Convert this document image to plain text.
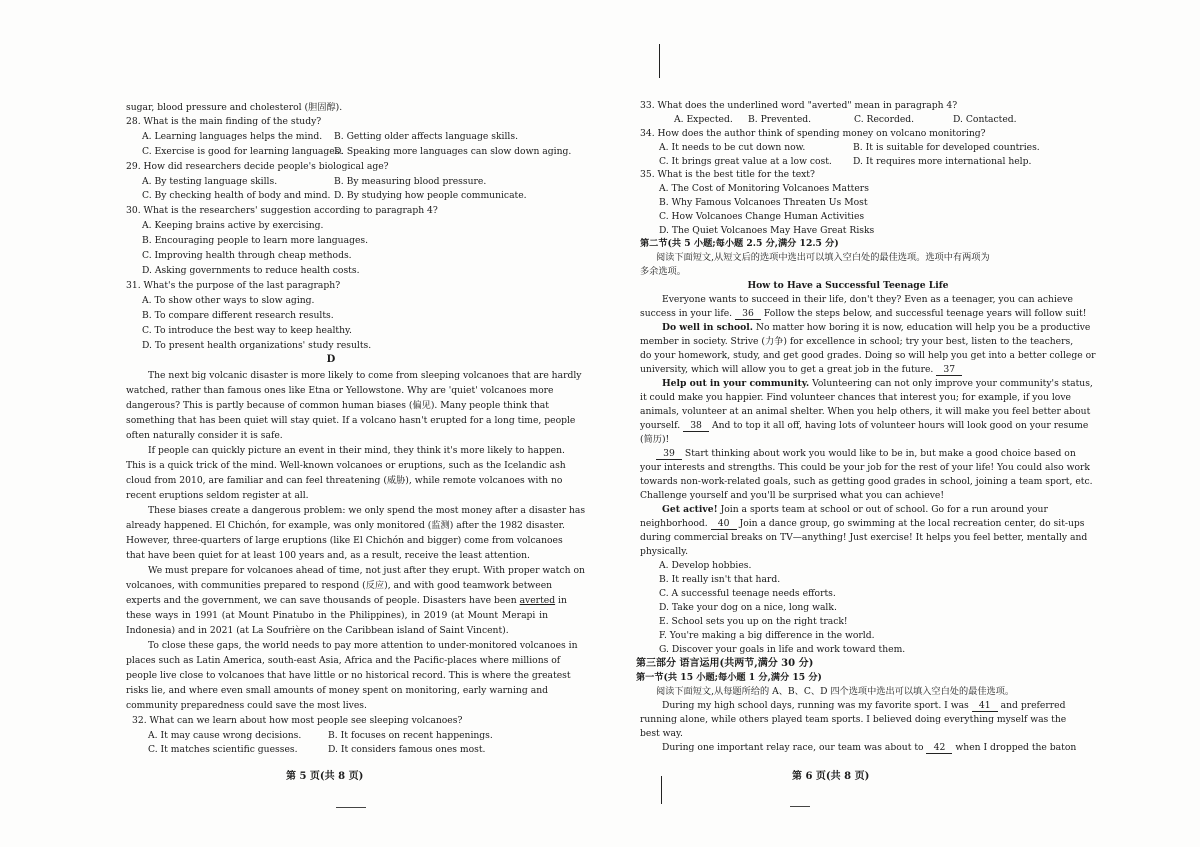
sugar, blood pressure and cholesterol (胆固醇).
28. What is the main finding of the study?
A. Learning languages helps the mind. B. Getting older affects language skills.
C. Exercise is good for learning languages.
D. Speaking more languages can slow down aging.
29. How did researchers decide people's biological age?
A. By testing language skills.	B. By measuring blood pressure.
C. By checking health of body and mind. D. By studying how people communicate.
30. What is the researchers' suggestion according to paragraph 4?
A. Keeping brains active by exercising.
B. Encouraging people to learn more languages.
C. Improving health through cheap methods.
D. Asking governments to reduce health costs.
31. What's the purpose of the last paragraph?
A. To show other ways to slow aging.
B. To compare different research results.
C. To introduce the best way to keep healthy.
D. To present health organizations' study results.
D
The next big volcanic disaster is more likely to come from sleeping volcanoes that are hardly
watched, rather than famous ones like Etna or Yellowstone. Why are 'quiet' volcanoes more
dangerous? This is partly because of common human biases (偏见). Many people think that
something that has been quiet will stay quiet. If a volcano hasn't erupted for a long time, people
often naturally consider it is safe.
If people can quickly picture an event in their mind, they think it's more likely to happen.
This is a quick trick of the mind. Well-known volcanoes or eruptions, such as the Icelandic ash
cloud from 2010, are familiar and can feel threatening (威胁), while remote volcanoes with no
recent eruptions seldom register at all.
These biases create a dangerous problem: we only spend the most money after a disaster has
already happened. El Chichón, for example, was only monitored (监测) after the 1982 disaster.
However, three-quarters of large eruptions (like El Chichón and bigger) come from volcanoes
that have been quiet for at least 100 years and, as a result, receive the least attention.
We must prepare for volcanoes ahead of time, not just after they erupt. With proper watch on
volcanoes, with communities prepared to respond (反应), and with good teamwork between
experts and the government, we can save thousands of people. Disasters have been averted in
these ways in 1991 (at Mount Pinatubo in the Philippines), in 2019 (at Mount Merapi in
Indonesia) and in 2021 (at La Soufrière on the Caribbean island of Saint Vincent).
To close these gaps, the world needs to pay more attention to under-monitored volcanoes in
places such as Latin America, south-east Asia, Africa and the Pacific-places where millions of
people live close to volcanoes that have little or no historical record. This is where the greatest
risks lie, and where even small amounts of money spent on monitoring, early warning and
community preparedness could save the most lives.
32. What can we learn about how most people see sleeping volcanoes?
A. It may cause wrong decisions.	B. It focuses on recent happenings.
C. It matches scientific guesses.	D. It considers famous ones most.
第 5 页(共 8 页)
33. What does the underlined word "averted" mean in paragraph 4?
A. Expected. B. Prevented.	C. Recorded.	D. Contacted.
34. How does the author think of spending money on volcano monitoring?
A. It needs to be cut down now.	B. It is suitable for developed countries.
C. It brings great value at a low cost. D. It requires more international help.
35. What is the best title for the text?
A. The Cost of Monitoring Volcanoes Matters
B. Why Famous Volcanoes Threaten Us Most
C. How Volcanoes Change Human Activities
D. The Quiet Volcanoes May Have Great Risks
第二节(共 5 小题;每小题 2.5 分,满分 12.5 分)
阅读下面短文,从短文后的选项中选出可以填入空白处的最佳选项。选项中有两项为
多余选项。
How to Have a Successful Teenage Life
Everyone wants to succeed in their life, don't they? Even as a teenager, you can achieve
success in your life. 36 Follow the steps below, and successful teenage years will follow suit!
Do well in school. No matter how boring it is now, education will help you be a productive
member in society. Strive (力争) for excellence in school; try your best, listen to the teachers,
do your homework, study, and get good grades. Doing so will help you get into a better college or
university, which will allow you to get a great job in the future. 37
Help out in your community. Volunteering can not only improve your community's status,
it could make you happier. Find volunteer chances that interest you; for example, if you love
animals, volunteer at an animal shelter. When you help others, it will make you feel better about
yourself. 38 And to top it all off, having lots of volunteer hours will look good on your resume
(简历)!
39 Start thinking about work you would like to be in, but make a good choice based on
your interests and strengths. This could be your job for the rest of your life! You could also work
towards non-work-related goals, such as getting good grades in school, joining a team sport, etc.
Challenge yourself and you'll be surprised what you can achieve!
Get active! Join a sports team at school or out of school. Go for a run around your
neighborhood. 40 Join a dance group, go swimming at the local recreation center, do sit-ups
during commercial breaks on TV—anything! Just exercise! It helps you feel better, mentally and
physically.
A. Develop hobbies.
B. It really isn't that hard.
C. A successful teenage needs efforts.
D. Take your dog on a nice, long walk.
E. School sets you up on the right track!
F. You're making a big difference in the world.
G. Discover your goals in life and work toward them.
第三部分 语言运用(共两节,满分 30 分)
第一节(共 15 小题;每小题 1 分,满分 15 分)
阅读下面短文,从每题所给的 A、B、C、D 四个选项中选出可以填入空白处的最佳选项。
During my high school days, running was my favorite sport. I was 41 and preferred
running alone, while others played team sports. I believed doing everything myself was the
best way.
During one important relay race, our team was about to 42 when I dropped the baton
第 6 页(共 8 页)
